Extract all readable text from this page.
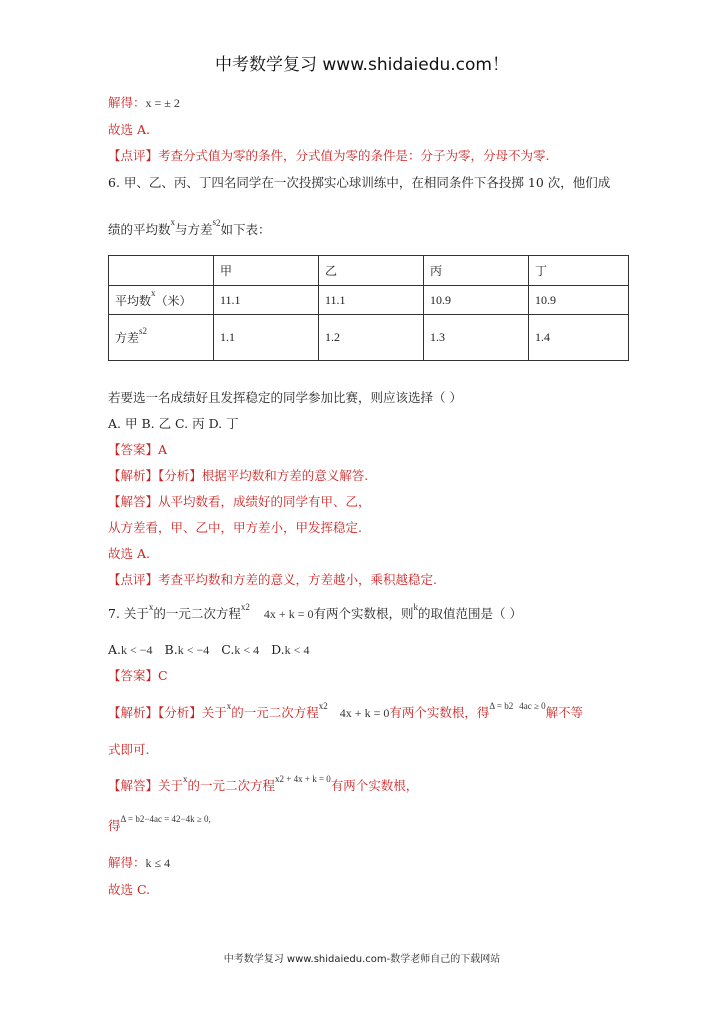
中考数学复习 www.shidaiedu.com！
解得：x = ± 2
故选 A.
【点评】考查分式值为零的条件，分式值为零的条件是：分子为零，分母不为零.
6. 甲、乙、丙、丁四名同学在一次投掷实心球训练中，在相同条件下各投掷 10 次，他们成
绩的平均数$^x$与方差$^{s2}$如下表：
	甲	乙	丙	丁
平均数$^x$（米）	11.1	11.1	10.9	10.9
方差$^{s2}$	1.1	1.2	1.3	1.4
若要选一名成绩好且发挥稳定的同学参加比赛，则应该选择（ ）
A. 甲 B. 乙 C. 丙 D. 丁
【答案】A
【解析】【分析】根据平均数和方差的意义解答.
【解答】从平均数看，成绩好的同学有甲、乙，
从方差看，甲、乙中，甲方差小，甲发挥稳定.
故选 A.
【点评】考查平均数和方差的意义，方差越小，乘积越稳定.
7. 关于$^x$的一元二次方程$^{x2}$ 4x + k = 0有两个实数根，则$^k$的取值范围是（ ）
A.k < −4 B.k < −4 C.k < 4 D.k < 4
【答案】C
【解析】【分析】关于$^x$的一元二次方程$^{x2}$ 4x + k = 0有两个实数根，得$^{\Delta = b2}$ $^{4ac \ge 0}$解不等
式即可.
【解答】关于$^x$的一元二次方程$^{x2}$ $^{+ 4x + k = 0}$有两个实数根，
得$^{\Delta = b2-4ac = 42-4k \ge 0,}$
解得：k ≤ 4
故选 C.
中考数学复习 www.shidaiedu.com-数学老师自己的下载网站
